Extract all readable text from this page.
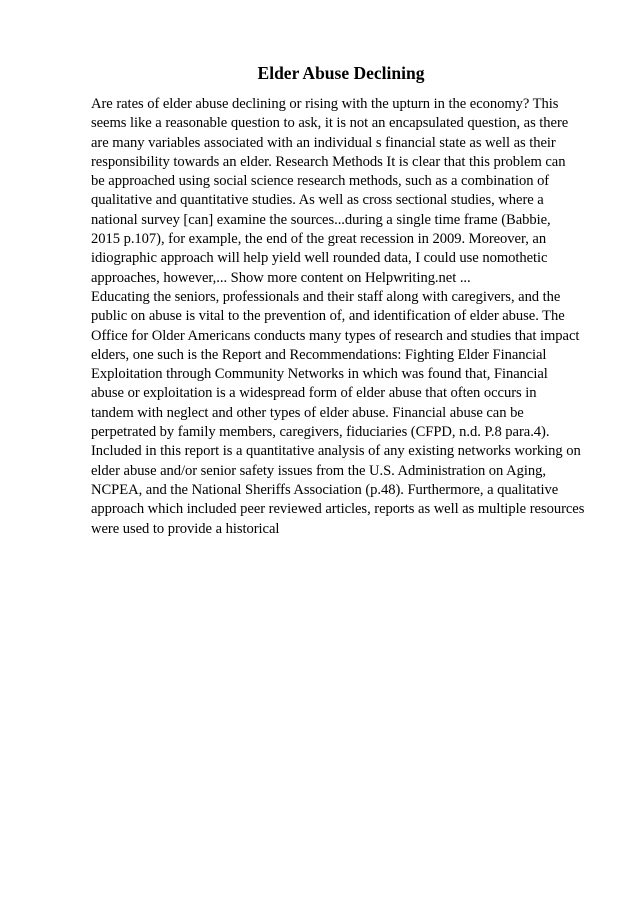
Elder Abuse Declining
Are rates of elder abuse declining or rising with the upturn in the economy? This
seems like a reasonable question to ask, it is not an encapsulated question, as there
are many variables associated with an individual s financial state as well as their
responsibility towards an elder. Research Methods It is clear that this problem can
be approached using social science research methods, such as a combination of
qualitative and quantitative studies. As well as cross sectional studies, where a
national survey [can] examine the sources...during a single time frame (Babbie,
2015 p.107), for example, the end of the great recession in 2009. Moreover, an
idiographic approach will help yield well rounded data, I could use nomothetic
approaches, however,... Show more content on Helpwriting.net ...
Educating the seniors, professionals and their staff along with caregivers, and the
public on abuse is vital to the prevention of, and identification of elder abuse. The
Office for Older Americans conducts many types of research and studies that impact
elders, one such is the Report and Recommendations: Fighting Elder Financial
Exploitation through Community Networks in which was found that, Financial
abuse or exploitation is a widespread form of elder abuse that often occurs in
tandem with neglect and other types of elder abuse. Financial abuse can be
perpetrated by family members, caregivers, fiduciaries (CFPD, n.d. P.8 para.4).
Included in this report is a quantitative analysis of any existing networks working on
elder abuse and/or senior safety issues from the U.S. Administration on Aging,
NCPEA, and the National Sheriffs Association (p.48). Furthermore, a qualitative
approach which included peer reviewed articles, reports as well as multiple resources
were used to provide a historical
